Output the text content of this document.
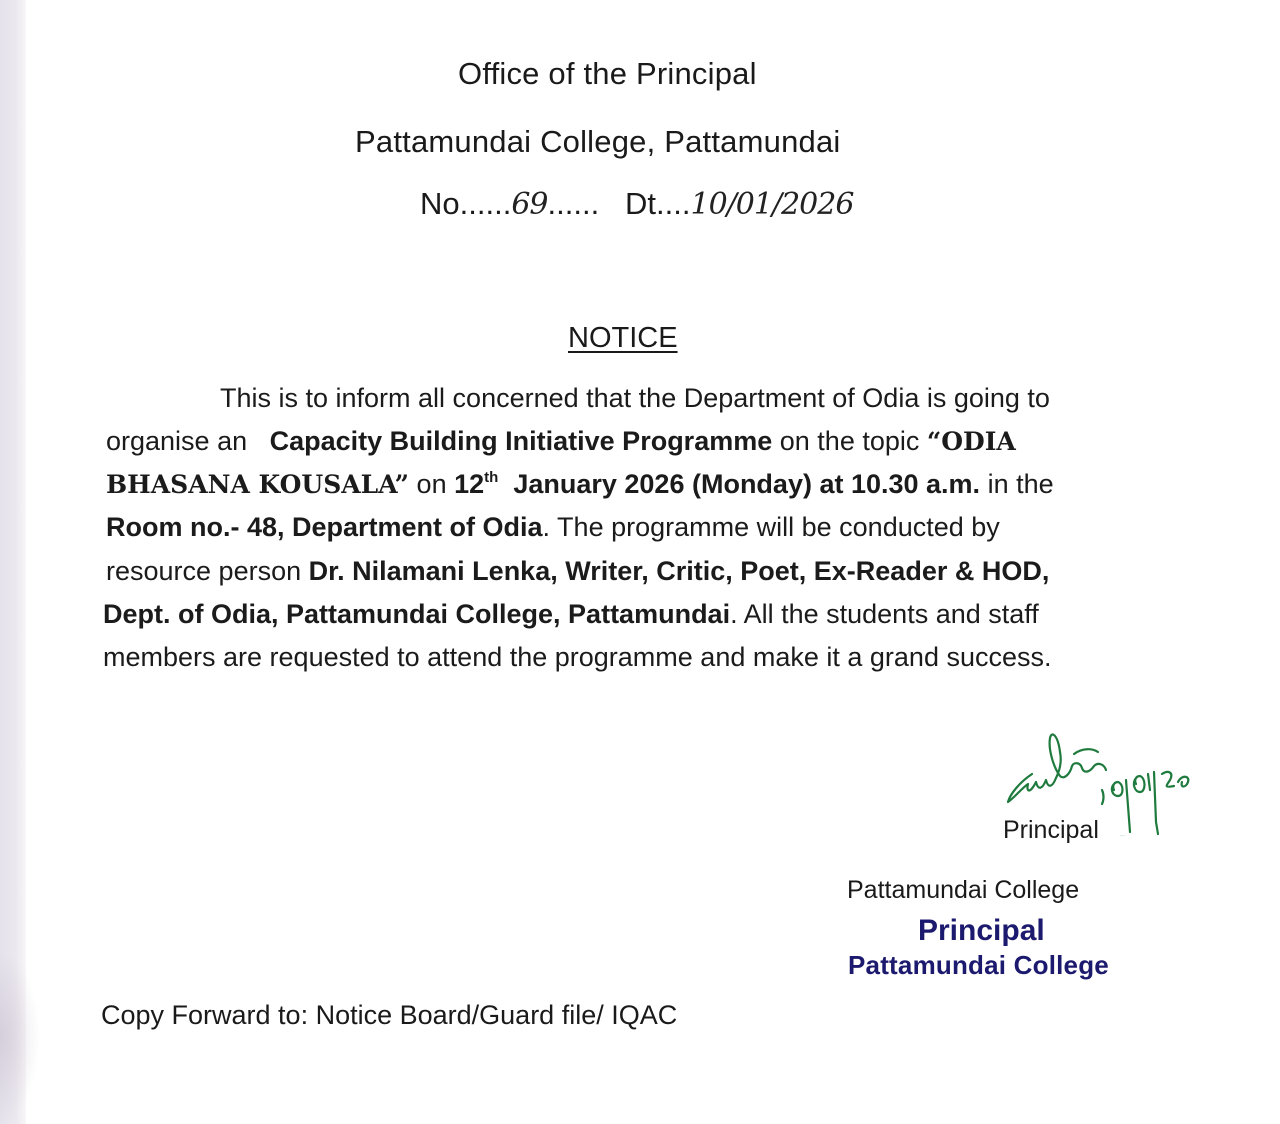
Office of the Principal
Pattamundai College, Pattamundai
No......69...... Dt....10/01/2026
NOTICE
This is to inform all concerned that the Department of Odia is going to
organise an Capacity Building Initiative Programme on the topic “ODIA
BHASANA KOUSALA” on 12th January 2026 (Monday) at 10.30 a.m. in the
Room no.- 48, Department of Odia. The programme will be conducted by
resource person Dr. Nilamani Lenka, Writer, Critic, Poet, Ex-Reader & HOD,
Dept. of Odia, Pattamundai College, Pattamundai. All the students and staff
members are requested to attend the programme and make it a grand success.
10/01/26
Principal
Pattamundai College
Principal
Pattamundai College
Copy Forward to: Notice Board/Guard file/ IQAC
